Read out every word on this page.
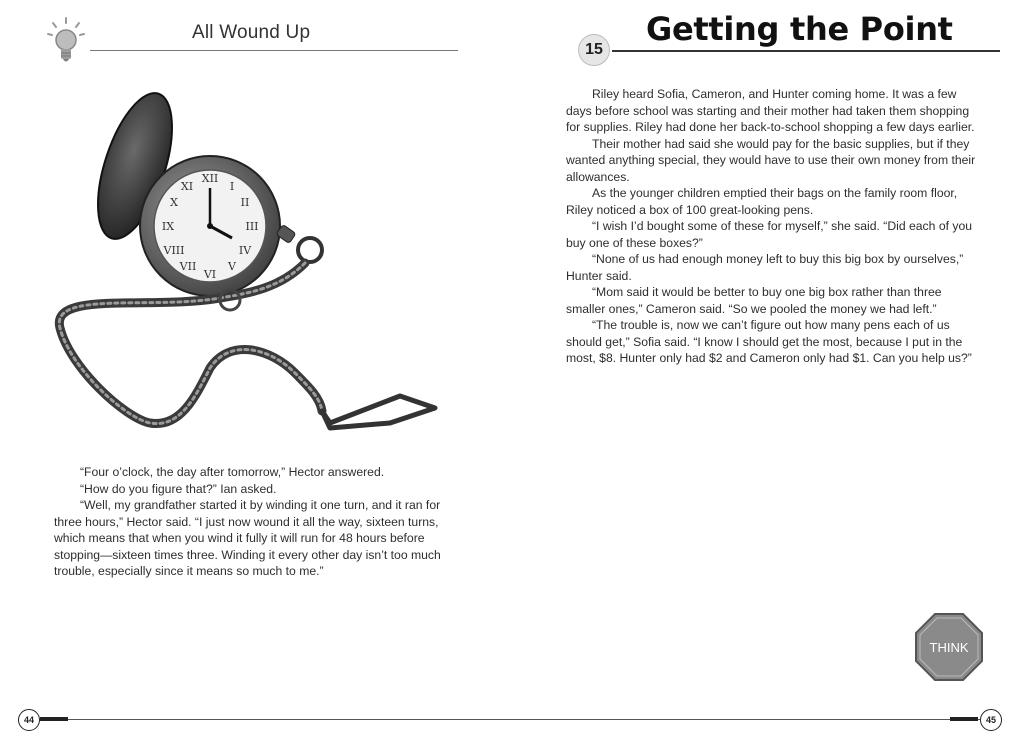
All Wound Up
XII
III
VI
IX
I
II
IV
V
VII
VIII
X
XI

“Four o’clock, the day after tomorrow,” Hector answered.

“How do you figure that?” Ian asked.

“Well, my grandfather started it by winding it one turn, and it ran for three hours,” Hector said. “I just now wound it all the way, sixteen turns, which means that when you wind it fully it will run for 48 hours before stopping—sixteen times three. Winding it every other day isn’t too much trouble, especially since it means so much to me.”

15
Getting the Point

Riley heard Sofia, Cameron, and Hunter coming home. It was a few days before school was starting and their mother had taken them shopping for supplies. Riley had done her back-to-school shopping a few days earlier.

Their mother had said she would pay for the basic supplies, but if they wanted anything special, they would have to use their own money from their allowances.

As the younger children emptied their bags on the family room floor, Riley noticed a box of 100 great-looking pens.

“I wish I’d bought some of these for myself,” she said. “Did each of you buy one of these boxes?”

“None of us had enough money left to buy this big box by ourselves,” Hunter said.

“Mom said it would be better to buy one big box rather than three smaller ones,” Cameron said. “So we pooled the money we had left.”

“The trouble is, now we can’t figure out how many pens each of us should get,” Sofia said. “I know I should get the most, because I put in the most, $8. Hunter only had $2 and Cameron only had $1. Can you help us?”

THINK
44	45
